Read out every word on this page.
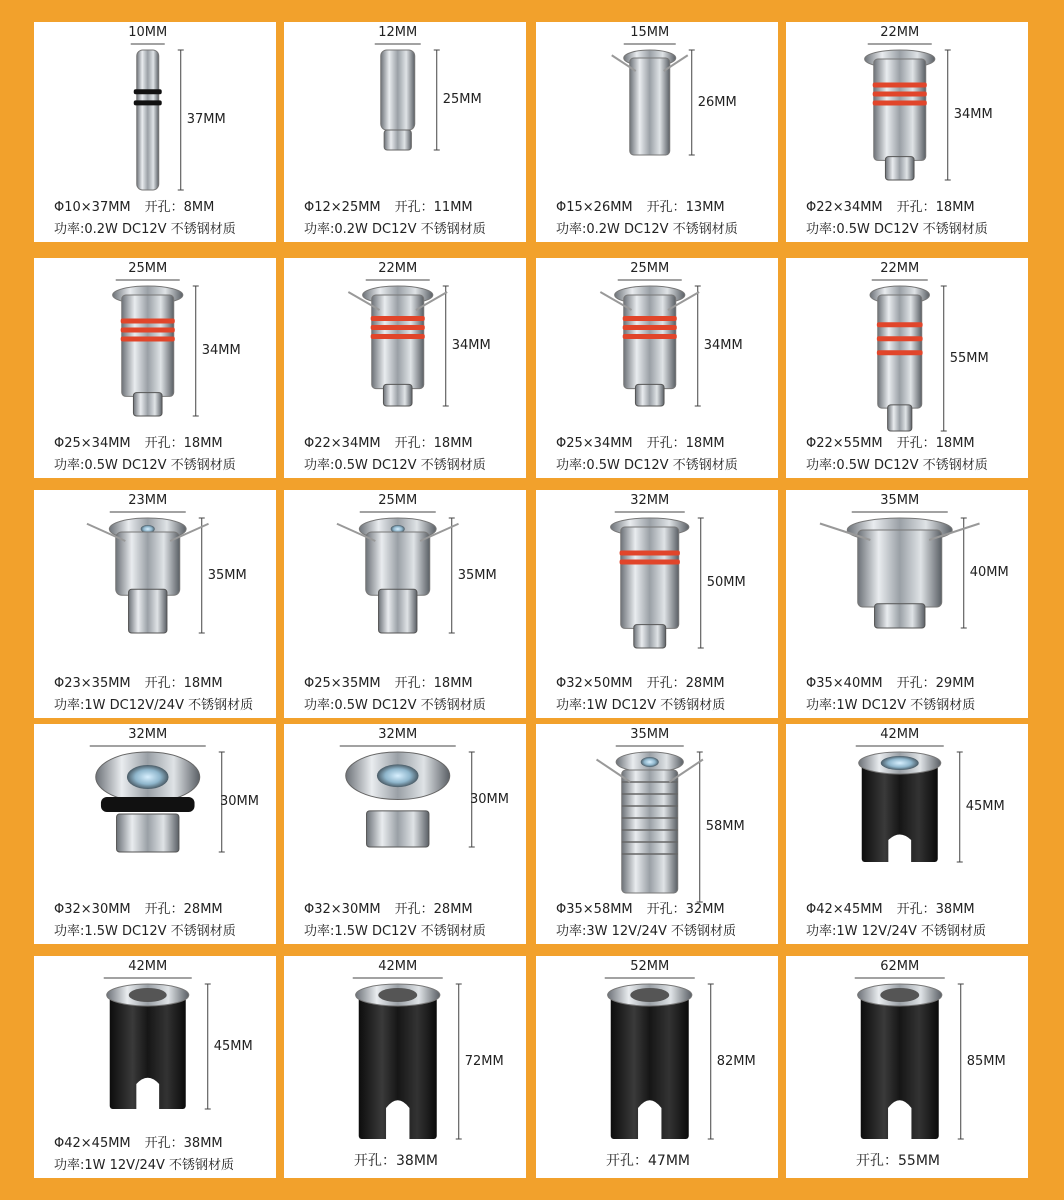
10MM
37MM
Φ10×37MM 开孔：8MM
功率:0.2W DC12V 不锈钢材质
12MM
25MM
Φ12×25MM 开孔：11MM
功率:0.2W DC12V 不锈钢材质
15MM
26MM
Φ15×26MM 开孔：13MM
功率:0.2W DC12V 不锈钢材质
22MM
34MM
Φ22×34MM 开孔：18MM
功率:0.5W DC12V 不锈钢材质
25MM
34MM
Φ25×34MM 开孔：18MM
功率:0.5W DC12V 不锈钢材质
22MM
34MM
Φ22×34MM 开孔：18MM
功率:0.5W DC12V 不锈钢材质
25MM
34MM
Φ25×34MM 开孔：18MM
功率:0.5W DC12V 不锈钢材质
22MM
55MM
Φ22×55MM 开孔：18MM
功率:0.5W DC12V 不锈钢材质
23MM
35MM
Φ23×35MM 开孔：18MM
功率:1W DC12V/24V 不锈钢材质
25MM
35MM
Φ25×35MM 开孔：18MM
功率:0.5W DC12V 不锈钢材质
32MM
50MM
Φ32×50MM 开孔：28MM
功率:1W DC12V 不锈钢材质
35MM
40MM
Φ35×40MM 开孔：29MM
功率:1W DC12V 不锈钢材质
32MM
30MM
Φ32×30MM 开孔：28MM
功率:1.5W DC12V 不锈钢材质
32MM
30MM
Φ32×30MM 开孔：28MM
功率:1.5W DC12V 不锈钢材质
35MM
58MM
Φ35×58MM 开孔：32MM
功率:3W 12V/24V 不锈钢材质
42MM
45MM
Φ42×45MM 开孔：38MM
功率:1W 12V/24V 不锈钢材质
42MM
45MM
Φ42×45MM 开孔：38MM
功率:1W 12V/24V 不锈钢材质
42MM
72MM
开孔：38MM
52MM
82MM
开孔：47MM
62MM
85MM
开孔：55MM
